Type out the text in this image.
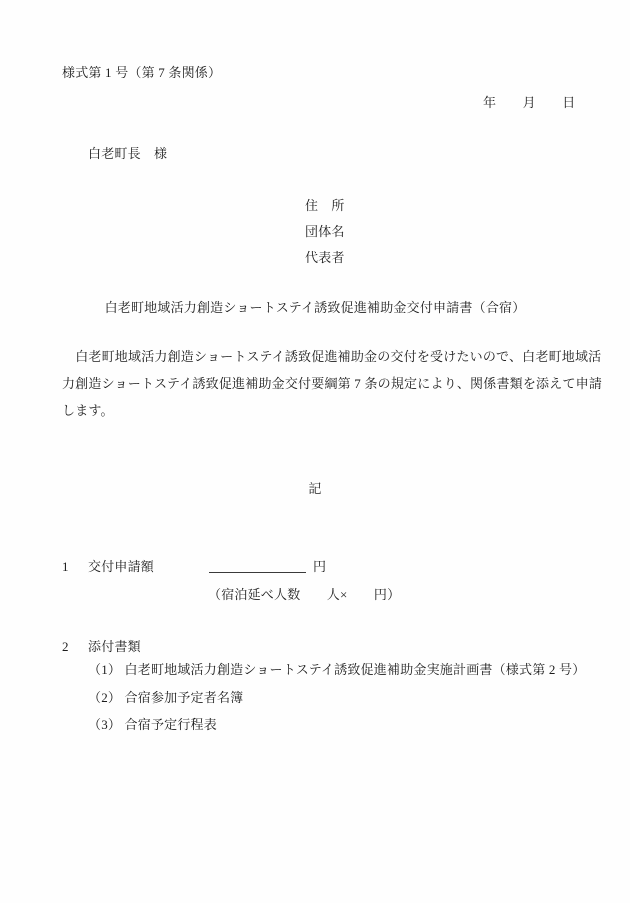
様式第 1 号（第 7 条関係）
年　　月　　日
白老町長　様
住　所
団体名
代表者
白老町地域活力創造ショートステイ誘致促進補助金交付申請書（合宿）
　白老町地域活力創造ショートステイ誘致促進補助金の交付を受けたいので、白老町地域活
力創造ショートステイ誘致促進補助金交付要綱第 7 条の規定により、関係書類を添えて申請
します。
記
1 交付申請額	円
（宿泊延べ人数　　人×　　円）
2 添付書類
（1） 白老町地域活力創造ショートステイ誘致促進補助金実施計画書（様式第 2 号）
（2） 合宿参加予定者名簿
（3） 合宿予定行程表
